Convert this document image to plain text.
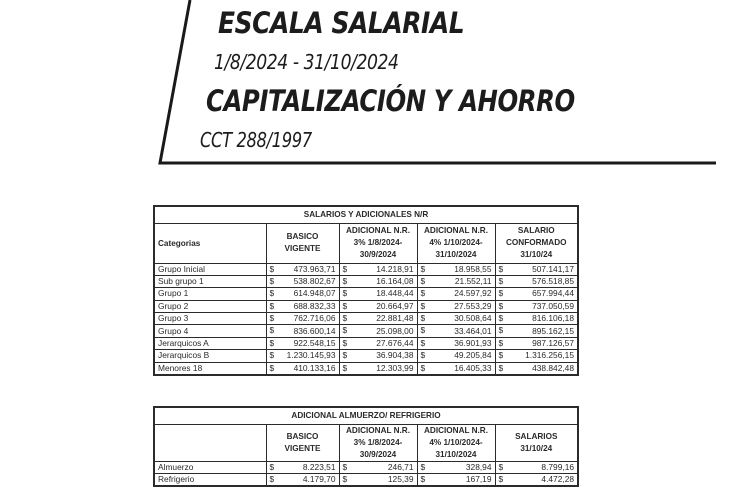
ESCALA SALARIAL
1/8/2024 - 31/10/2024
CAPITALIZACIÓN Y AHORRO
CCT 288/1997
SALARIOS Y ADICIONALES N/R				
Categorias	BASICO VIGENTE	ADICIONAL N.R. 3% 1/8/2024- 30/9/2024	ADICIONAL N.R. 4% 1/10/2024- 31/10/2024	SALARIO CONFORMADO 31/10/24
Grupo Inicial	$ 473.963,71	$ 14.218,91	$ 18.958,55	$ 507.141,17
Sub grupo 1	$ 538.802,67	$ 16.164,08	$ 21.552,11	$ 576.518,85
Grupo 1	$ 614.948,07	$ 18.448,44	$ 24.597,92	$ 657.994,44
Grupo 2	$ 688.832,33	$ 20.664,97	$ 27.553,29	$ 737.050,59
Grupo 3	$ 762.716,06	$ 22.881,48	$ 30.508,64	$ 816.106,18
Grupo 4	$ 836.600,14	$ 25.098,00	$ 33.464,01	$ 895.162,15
Jerarquicos A	$ 922.548,15	$ 27.676,44	$ 36.901,93	$ 987.126,57
Jerarquicos B	$ 1.230.145,93	$ 36.904,38	$ 49.205,84	$ 1.316.256,15
Menores 18	$ 410.133,16	$ 12.303,99	$ 16.405,33	$ 438.842,48
ADICIONAL ALMUERZO/ REFRIGERIO				
	BASICO VIGENTE	ADICIONAL N.R. 3% 1/8/2024- 30/9/2024	ADICIONAL N.R. 4% 1/10/2024- 31/10/2024	SALARIOS 31/10/24
Almuerzo	$ 8.223,51	$ 246,71	$ 328,94	$ 8.799,16
Refrigerio	$ 4.179,70	$ 125,39	$ 167,19	$ 4.472,28
